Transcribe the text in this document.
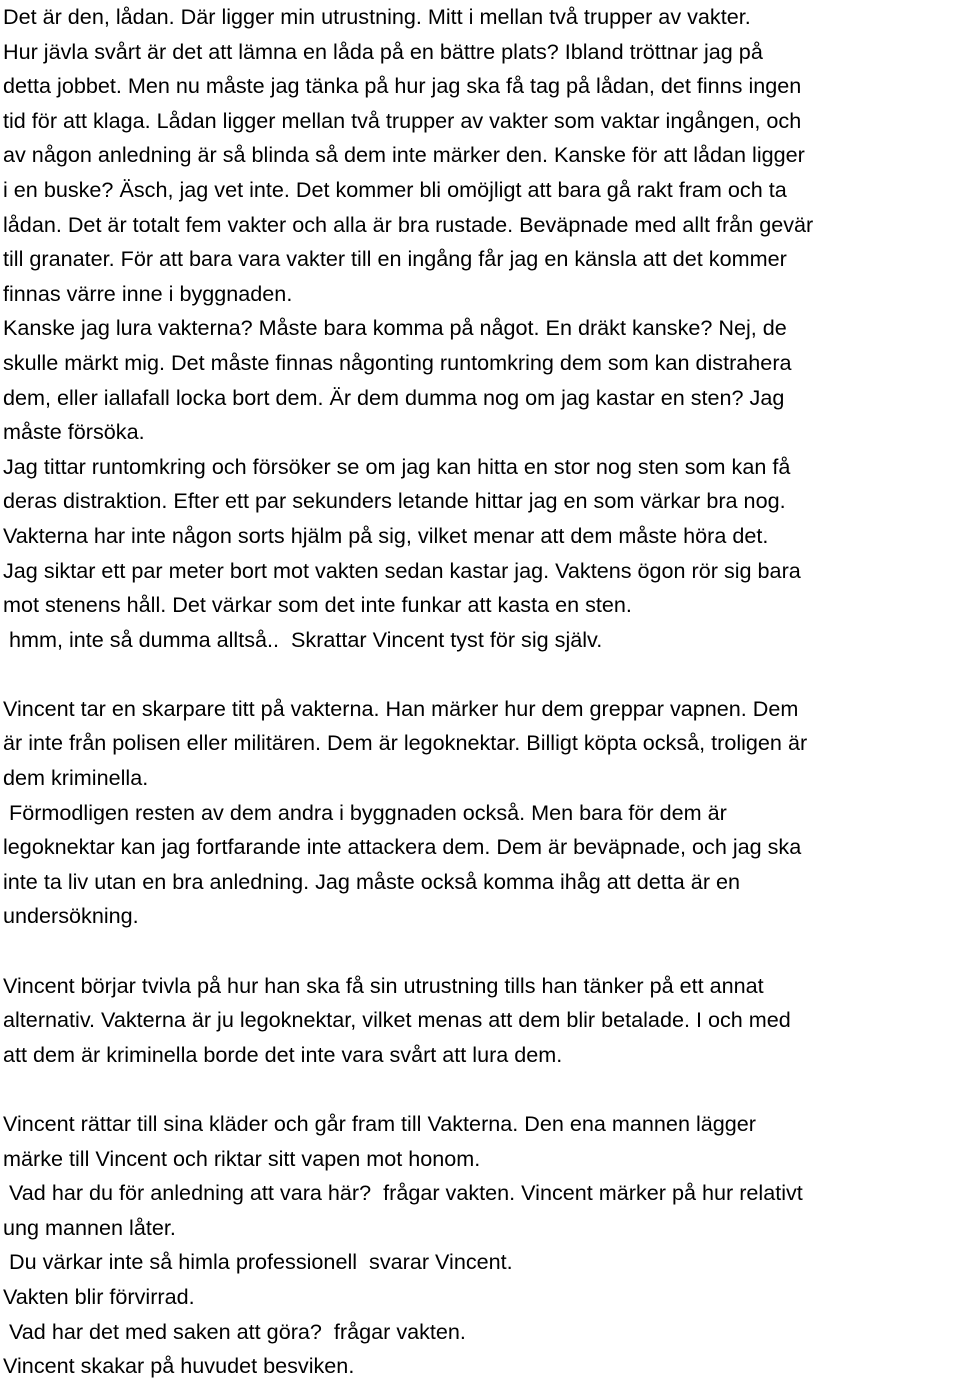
Det är den, lådan. Där ligger min utrustning. Mitt i mellan två trupper av vakter.
Hur jävla svårt är det att lämna en låda på en bättre plats? Ibland tröttnar jag på
detta jobbet. Men nu måste jag tänka på hur jag ska få tag på lådan, det finns ingen
tid för att klaga. Lådan ligger mellan två trupper av vakter som vaktar ingången, och
av någon anledning är så blinda så dem inte märker den. Kanske för att lådan ligger
i en buske? Äsch, jag vet inte. Det kommer bli omöjligt att bara gå rakt fram och ta
lådan. Det är totalt fem vakter och alla är bra rustade. Beväpnade med allt från gevär
till granater. För att bara vara vakter till en ingång får jag en känsla att det kommer
finnas värre inne i byggnaden.
Kanske jag lura vakterna? Måste bara komma på något. En dräkt kanske? Nej, de
skulle märkt mig. Det måste finnas någonting runtomkring dem som kan distrahera
dem, eller iallafall locka bort dem. Är dem dumma nog om jag kastar en sten? Jag
måste försöka.
Jag tittar runtomkring och försöker se om jag kan hitta en stor nog sten som kan få
deras distraktion. Efter ett par sekunders letande hittar jag en som värkar bra nog.
Vakterna har inte någon sorts hjälm på sig, vilket menar att dem måste höra det.
Jag siktar ett par meter bort mot vakten sedan kastar jag. Vaktens ögon rör sig bara
mot stenens håll. Det värkar som det inte funkar att kasta en sten.
hmm, inte så dumma alltså..  Skrattar Vincent tyst för sig själv.
Vincent tar en skarpare titt på vakterna. Han märker hur dem greppar vapnen. Dem
är inte från polisen eller militären. Dem är legoknektar. Billigt köpta också, troligen är
dem kriminella.
Förmodligen resten av dem andra i byggnaden också. Men bara för dem är
legoknektar kan jag fortfarande inte attackera dem. Dem är beväpnade, och jag ska
inte ta liv utan en bra anledning. Jag måste också komma ihåg att detta är en
undersökning.
Vincent börjar tvivla på hur han ska få sin utrustning tills han tänker på ett annat
alternativ. Vakterna är ju legoknektar, vilket menas att dem blir betalade. I och med
att dem är kriminella borde det inte vara svårt att lura dem.
Vincent rättar till sina kläder och går fram till Vakterna. Den ena mannen lägger
märke till Vincent och riktar sitt vapen mot honom.
Vad har du för anledning att vara här?  frågar vakten. Vincent märker på hur relativt
ung mannen låter.
Du värkar inte så himla professionell  svarar Vincent.
Vakten blir förvirrad.
Vad har det med saken att göra?  frågar vakten.
Vincent skakar på huvudet besviken.
